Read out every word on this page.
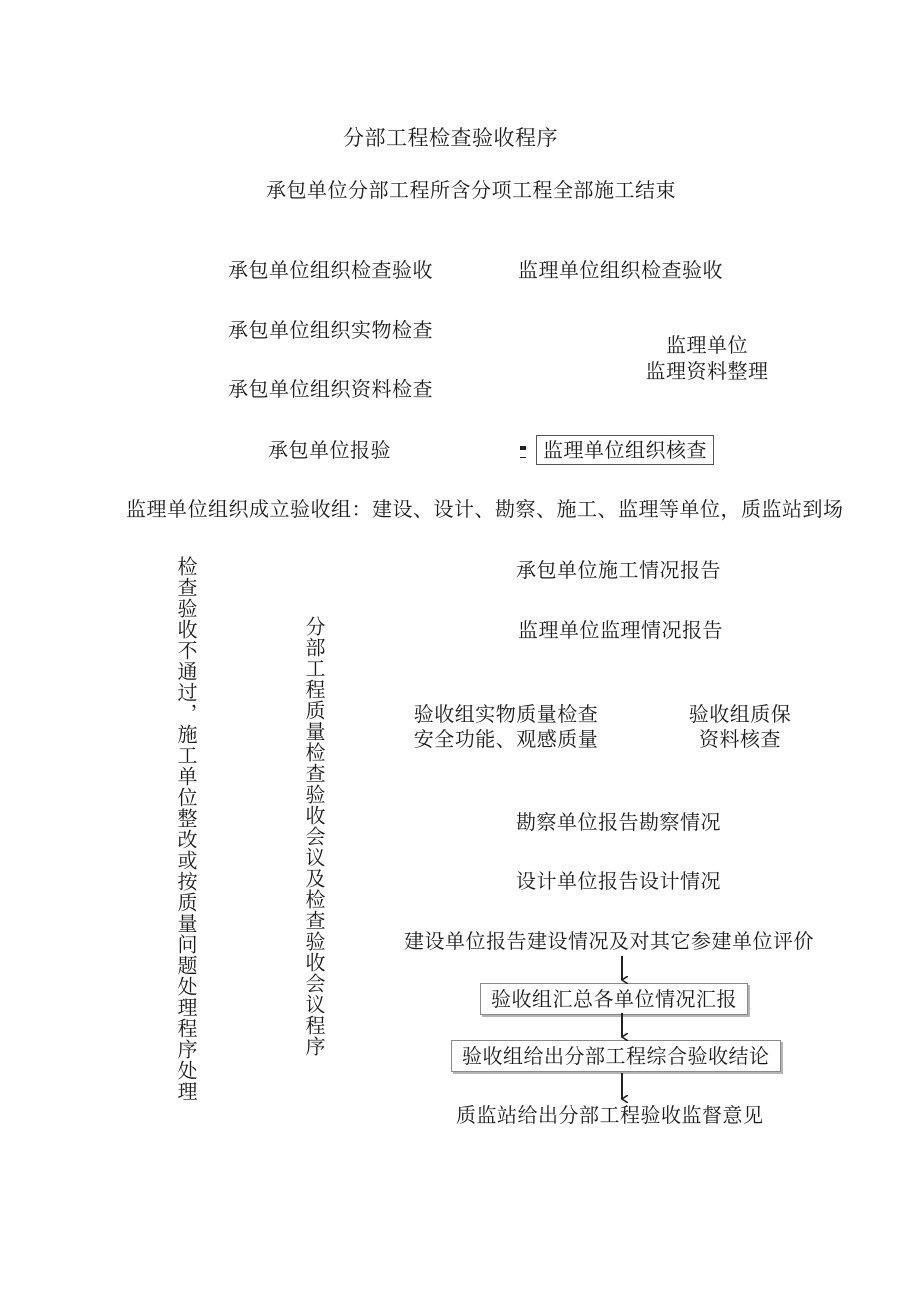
分部工程检查验收程序
承包单位分部工程所含分项工程全部施工结束
承包单位组织检查验收	监理单位组织检查验收
承包单位组织实物检查
监理单位
监理资料整理
承包单位组织资料检查
承包单位报验	监理单位组织核查
监理单位组织成立验收组：建设、设计、勘察、施工、监理等单位，质监站到场
检查验收不通过，施工单位整改或按质量问题处理程序处理	分部工程质量检查验收会议及检查验收会议程序
承包单位施工情况报告
监理单位监理情况报告
验收组实物质量检查
安全功能、观感质量
验收组质保
资料核查
勘察单位报告勘察情况
设计单位报告设计情况
建设单位报告建设情况及对其它参建单位评价
验收组汇总各单位情况汇报
验收组给出分部工程综合验收结论
质监站给出分部工程验收监督意见
